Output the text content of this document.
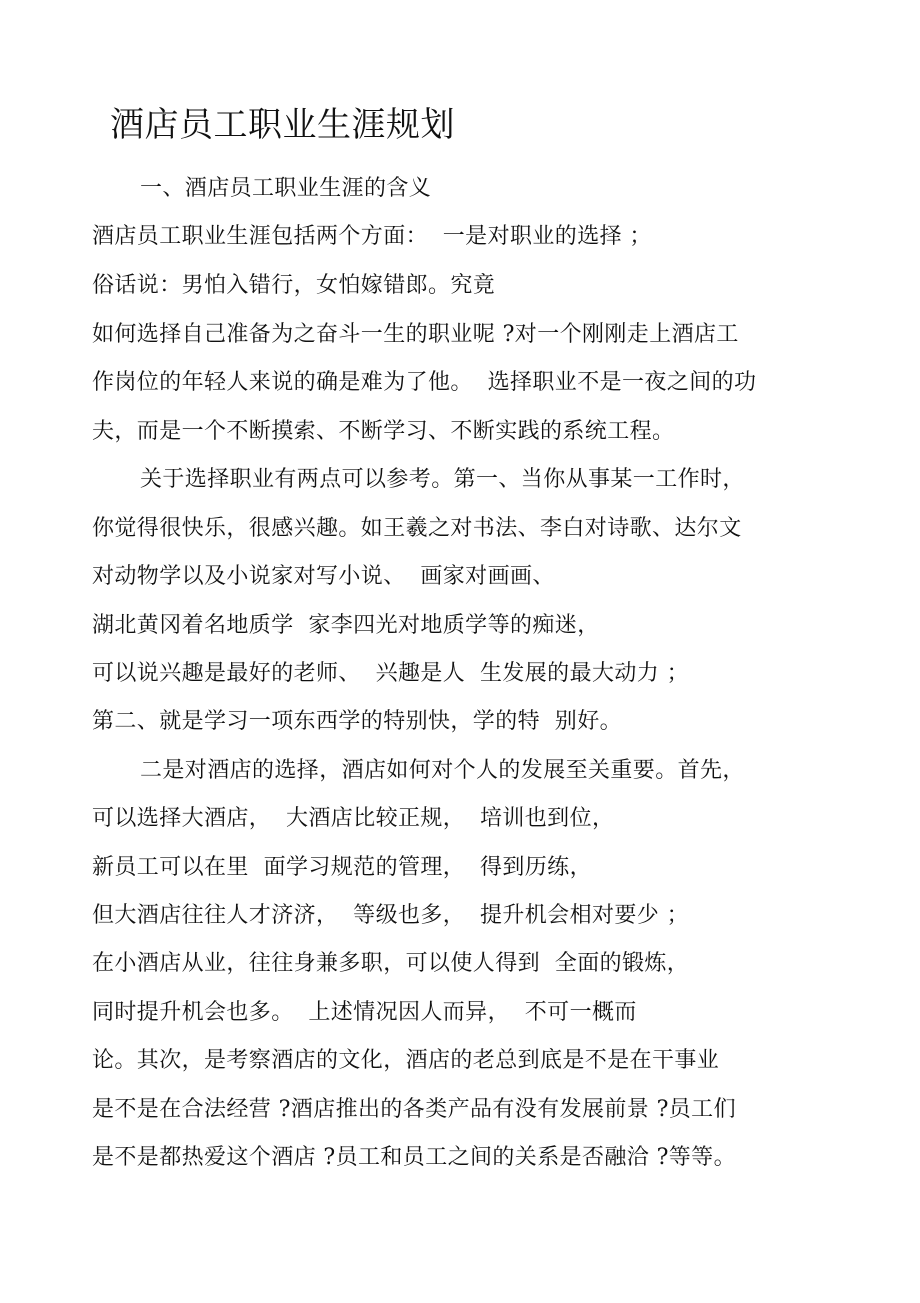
酒店员工职业生涯规划
一、酒店员工职业生涯的含义
酒店员工职业生涯包括两个方面：  一是对职业的选择 ；
俗话说：男怕入错行，女怕嫁错郎。究竟
如何选择自己准备为之奋斗一生的职业呢 ?对一个刚刚走上酒店工
作岗位的年轻人来说的确是难为了他。  选择职业不是一夜之间的功
夫，而是一个不断摸索、不断学习、不断实践的系统工程。
关于选择职业有两点可以参考。第一、当你从事某一工作时，
你觉得很快乐，很感兴趣。如王羲之对书法、李白对诗歌、达尔文
对动物学以及小说家对写小说、  画家对画画、
湖北黄冈着名地质学  家李四光对地质学等的痴迷，
可以说兴趣是最好的老师、  兴趣是人  生发展的最大动力 ；
第二、就是学习一项东西学的特别快，学的特  别好。
二是对酒店的选择，酒店如何对个人的发展至关重要。首先，
可以选择大酒店，  大酒店比较正规，  培训也到位，
新员工可以在里  面学习规范的管理，  得到历练，
但大酒店往往人才济济，  等级也多，  提升机会相对要少 ；
在小酒店从业，往往身兼多职，可以使人得到  全面的锻炼，
同时提升机会也多。  上述情况因人而异，  不可一概而
论。其次，是考察酒店的文化，酒店的老总到底是不是在干事业
是不是在合法经营 ?酒店推出的各类产品有没有发展前景 ?员工们
是不是都热爱这个酒店 ?员工和员工之间的关系是否融洽 ?等等。
